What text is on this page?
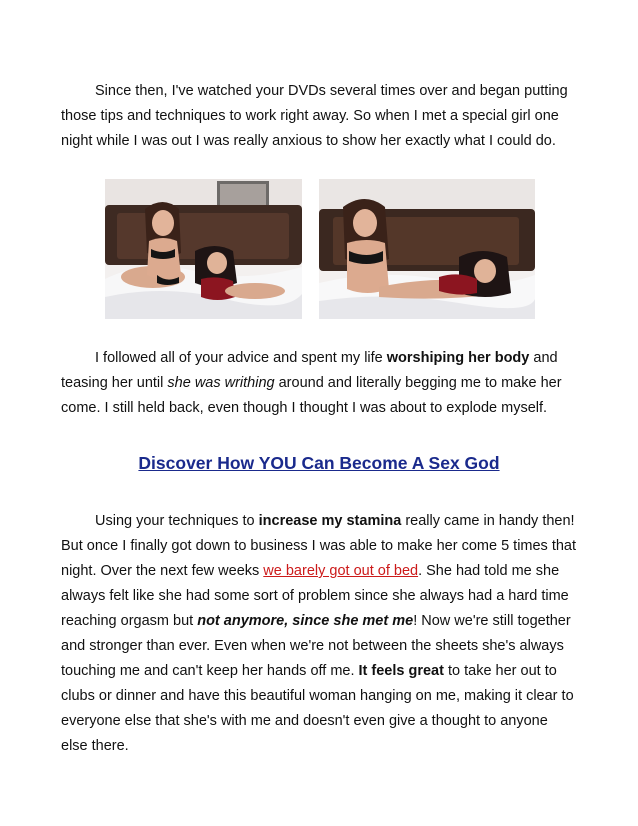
Since then, I've watched your DVDs several times over and began putting

those tips and techniques to work right away. So when I met a special girl one

night while I was out I was really anxious to show her exactly what I could do.

I followed all of your advice and spent my life worshiping her body and

teasing her until she was writhing around and literally begging me to make her

come. I still held back, even though I thought I was about to explode myself.

Discover How YOU Can Become A Sex God

Using your techniques to increase my stamina really came in handy then!

But once I finally got down to business I was able to make her come 5 times that

night. Over the next few weeks we barely got out of bed. She had told me she

always felt like she had some sort of problem since she always had a hard time

reaching orgasm but not anymore, since she met me! Now we're still together

and stronger than ever. Even when we're not between the sheets she's always

touching me and can't keep her hands off me. It feels great to take her out to

clubs or dinner and have this beautiful woman hanging on me, making it clear to

everyone else that she's with me and doesn't even give a thought to anyone

else there.
